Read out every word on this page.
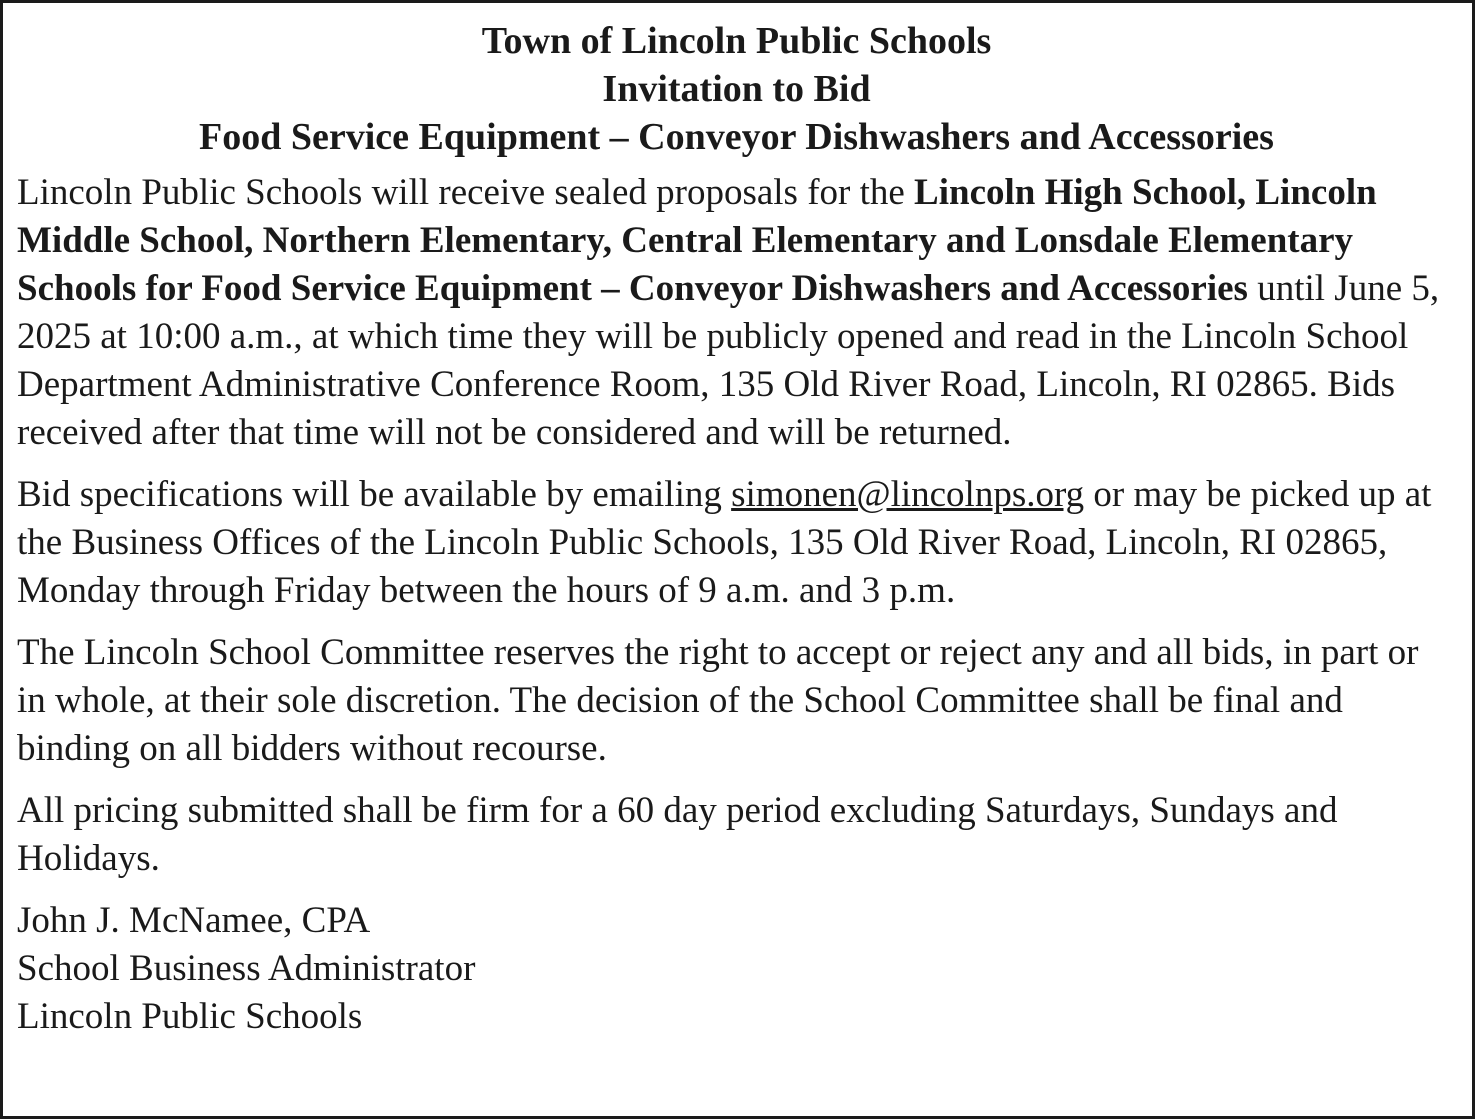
Town of Lincoln Public Schools
Invitation to Bid
Food Service Equipment – Conveyor Dishwashers and Accessories

Lincoln Public Schools will receive sealed proposals for the Lincoln High School, Lincoln Middle School, Northern Elementary, Central Elementary and Lonsdale Elementary Schools for Food Service Equipment – Conveyor Dishwashers and Accessories until June 5, 2025 at 10:00 a.m., at which time they will be publicly opened and read in the Lincoln School Department Administrative Conference Room, 135 Old River Road, Lincoln, RI 02865. Bids received after that time will not be considered and will be returned.

Bid specifications will be available by emailing simonen@lincolnps.org or may be picked up at the Business Offices of the Lincoln Public Schools, 135 Old River Road, Lincoln, RI 02865, Monday through Friday between the hours of 9 a.m. and 3 p.m.

The Lincoln School Committee reserves the right to accept or reject any and all bids, in part or in whole, at their sole discretion. The decision of the School Committee shall be final and binding on all bidders without recourse.

All pricing submitted shall be firm for a 60 day period excluding Saturdays, Sundays and Holidays.

John J. McNamee, CPA
School Business Administrator
Lincoln Public Schools
